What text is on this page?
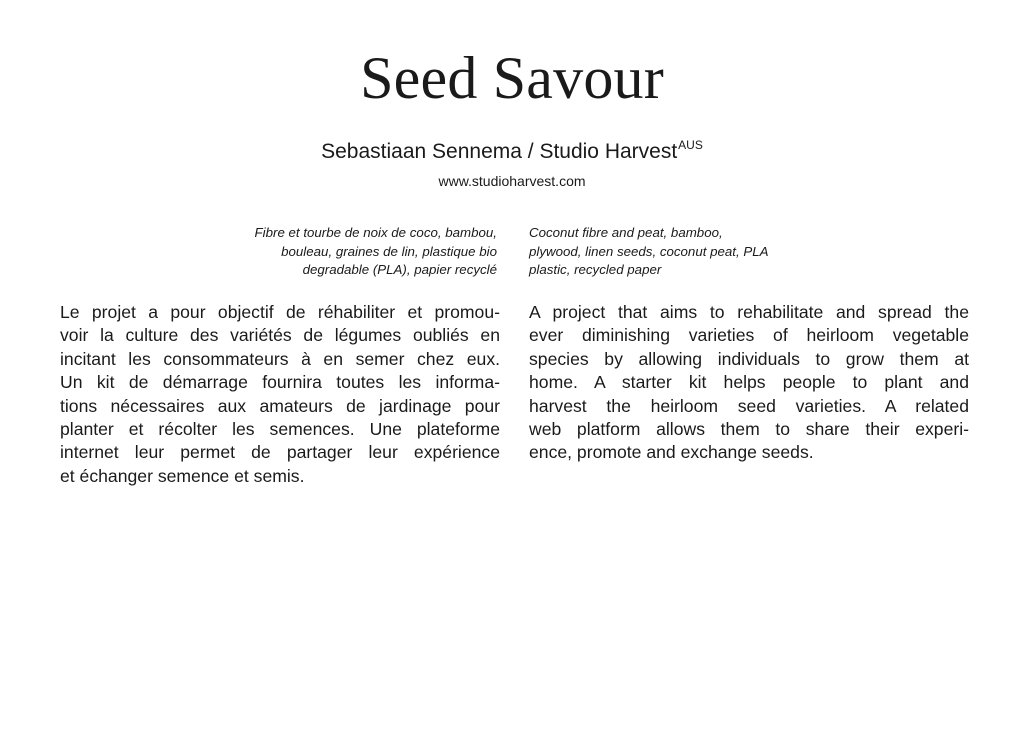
Seed Savour
Sebastiaan Sennema / Studio Harvest$^{AUS}$
www.studioharvest.com
Fibre et tourbe de noix de coco, bambou,
bouleau, graines de lin, plastique bio
degradable (PLA), papier recyclé
Coconut fibre and peat, bamboo,
plywood, linen seeds, coconut peat, PLA
plastic, recycled paper
Le projet a pour objectif de réhabiliter et promou-
voir la culture des variétés de légumes oubliés en
incitant les consommateurs à en semer chez eux.
Un kit de démarrage fournira toutes les informa-
tions nécessaires aux amateurs de jardinage pour
planter et récolter les semences. Une plateforme
internet leur permet de partager leur expérience
et échanger semence et semis.
A project that aims to rehabilitate and spread the
ever diminishing varieties of heirloom vegetable
species by allowing individuals to grow them at
home. A starter kit helps people to plant and
harvest the heirloom seed varieties. A related
web platform allows them to share their experi-
ence, promote and exchange seeds.
